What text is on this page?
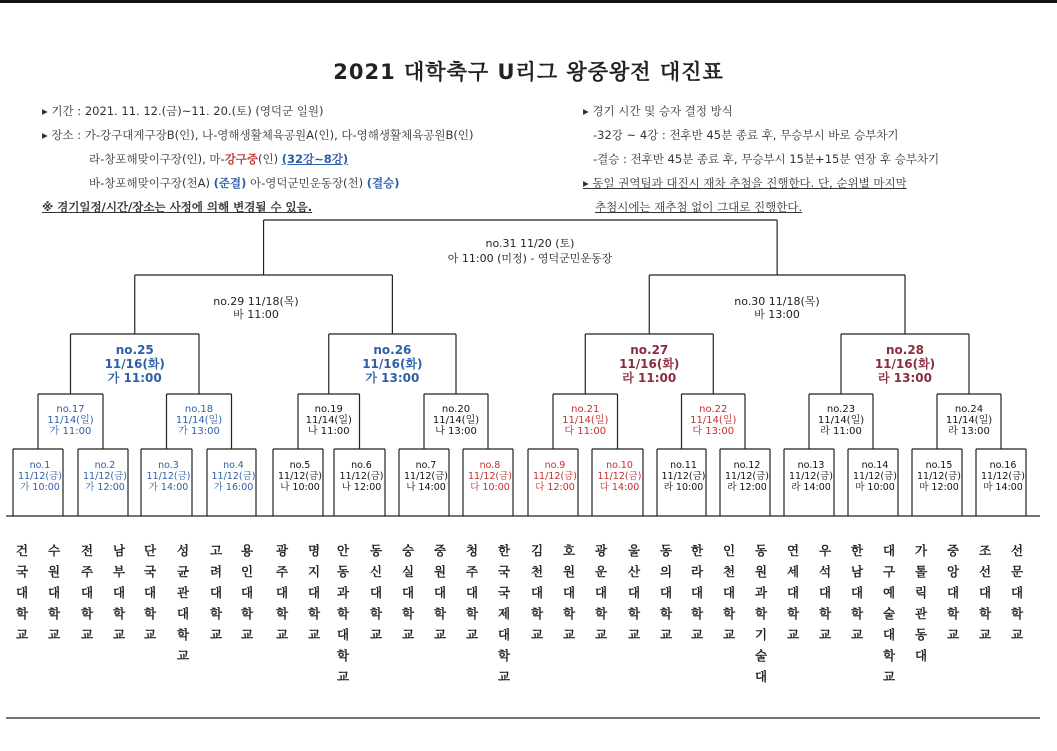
2021 대학축구 U리그 왕중왕전 대진표
▸ 기간 : 2021. 11. 12.(금)~11. 20.(토) (영덕군 일원)
▸ 장소 : 가-강구대게구장B(인), 나-영해생활체육공원A(인), 다-영해생활체육공원B(인)
라-창포해맞이구장(인), 마-강구중(인) (32강~8강)
바-창포해맞이구장(천A) (준결) 아-영덕군민운동장(천) (결승)
※ 경기일정/시간/장소는 사정에 의해 변경될 수 있음.
▸ 경기 시간 및 승자 결정 방식
-32강 ~ 4강 : 전후반 45분 종료 후, 무승부시 바로 승부차기
-결승 : 전후반 45분 종료 후, 무승부시 15분+15분 연장 후 승부차기
▸ 동일 권역팀과 대진시 재차 추첨을 진행한다. 단, 순위별 마지막
추첨시에는 재추첨 없이 그대로 진행한다.
no.31 11/20 (토)
아 11:00 (미정) - 영덕군민운동장
no.29 11/18(목)
바 11:00
no.30 11/18(목)
바 13:00
no.25
11/16(화)
가 11:00
no.26
11/16(화)
가 13:00
no.27
11/16(화)
라 11:00
no.28
11/16(화)
라 13:00
no.17
11/14(일)
가 11:00
no.18
11/14(일)
가 13:00
no.19
11/14(일)
나 11:00
no.20
11/14(일)
나 13:00
no.21
11/14(일)
다 11:00
no.22
11/14(일)
다 13:00
no.23
11/14(일)
라 11:00
no.24
11/14(일)
라 13:00
no.1
11/12(금)
가 10:00
no.2
11/12(금)
가 12:00
no.3
11/12(금)
가 14:00
no.4
11/12(금)
가 16:00
no.5
11/12(금)
나 10:00
no.6
11/12(금)
나 12:00
no.7
11/12(금)
나 14:00
no.8
11/12(금)
다 10:00
no.9
11/12(금)
다 12:00
no.10
11/12(금)
다 14:00
no.11
11/12(금)
라 10:00
no.12
11/12(금)
라 12:00
no.13
11/12(금)
라 14:00
no.14
11/12(금)
마 10:00
no.15
11/12(금)
마 12:00
no.16
11/12(금)
마 14:00
건국대학교
수원대학교
전주대학교
남부대학교
단국대학교
성균관대학교
고려대학교
용인대학교
광주대학교
명지대학교
안동과학대학교
동신대학교
숭실대학교
중원대학교
청주대학교
한국국제대학교
김천대학교
호원대학교
광운대학교
울산대학교
동의대학교
한라대학교
인천대학교
동원과학기술대
연세대학교
우석대학교
한남대학교
대구예술대학교
가톨릭관동대
중앙대학교
조선대학교
선문대학교
